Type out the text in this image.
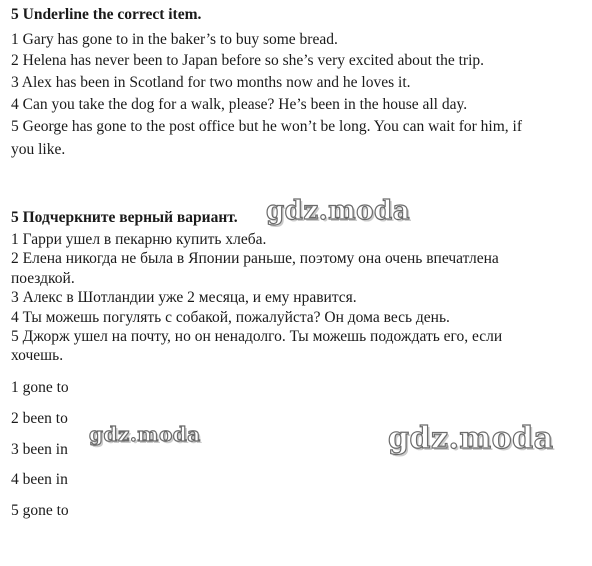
5 Underline the correct item.
1 Gary has gone to in the baker’s to buy some bread.
2 Helena has never been to Japan before so she’s very excited about the trip.
3 Alex has been in Scotland for two months now and he loves it.
4 Can you take the dog for a walk, please? He’s been in the house all day.
5 George has gone to the post office but he won’t be long. You can wait for him, if
you like.
5 Подчеркните верный вариант.
1 Гарри ушел в пекарню купить хлеба.
2 Елена никогда не была в Японии раньше, поэтому она очень впечатлена
поездкой.
3 Алекс в Шотландии уже 2 месяца, и ему нравится.
4 Ты можешь погулять с собакой, пожалуйста? Он дома весь день.
5 Джорж ушел на почту, но он ненадолго. Ты можешь подождать его, если
хочешь.
1 gone to
2 been to
3 been in
4 been in
5 gone to
gdz.moda
gdz.moda	gdz.moda
